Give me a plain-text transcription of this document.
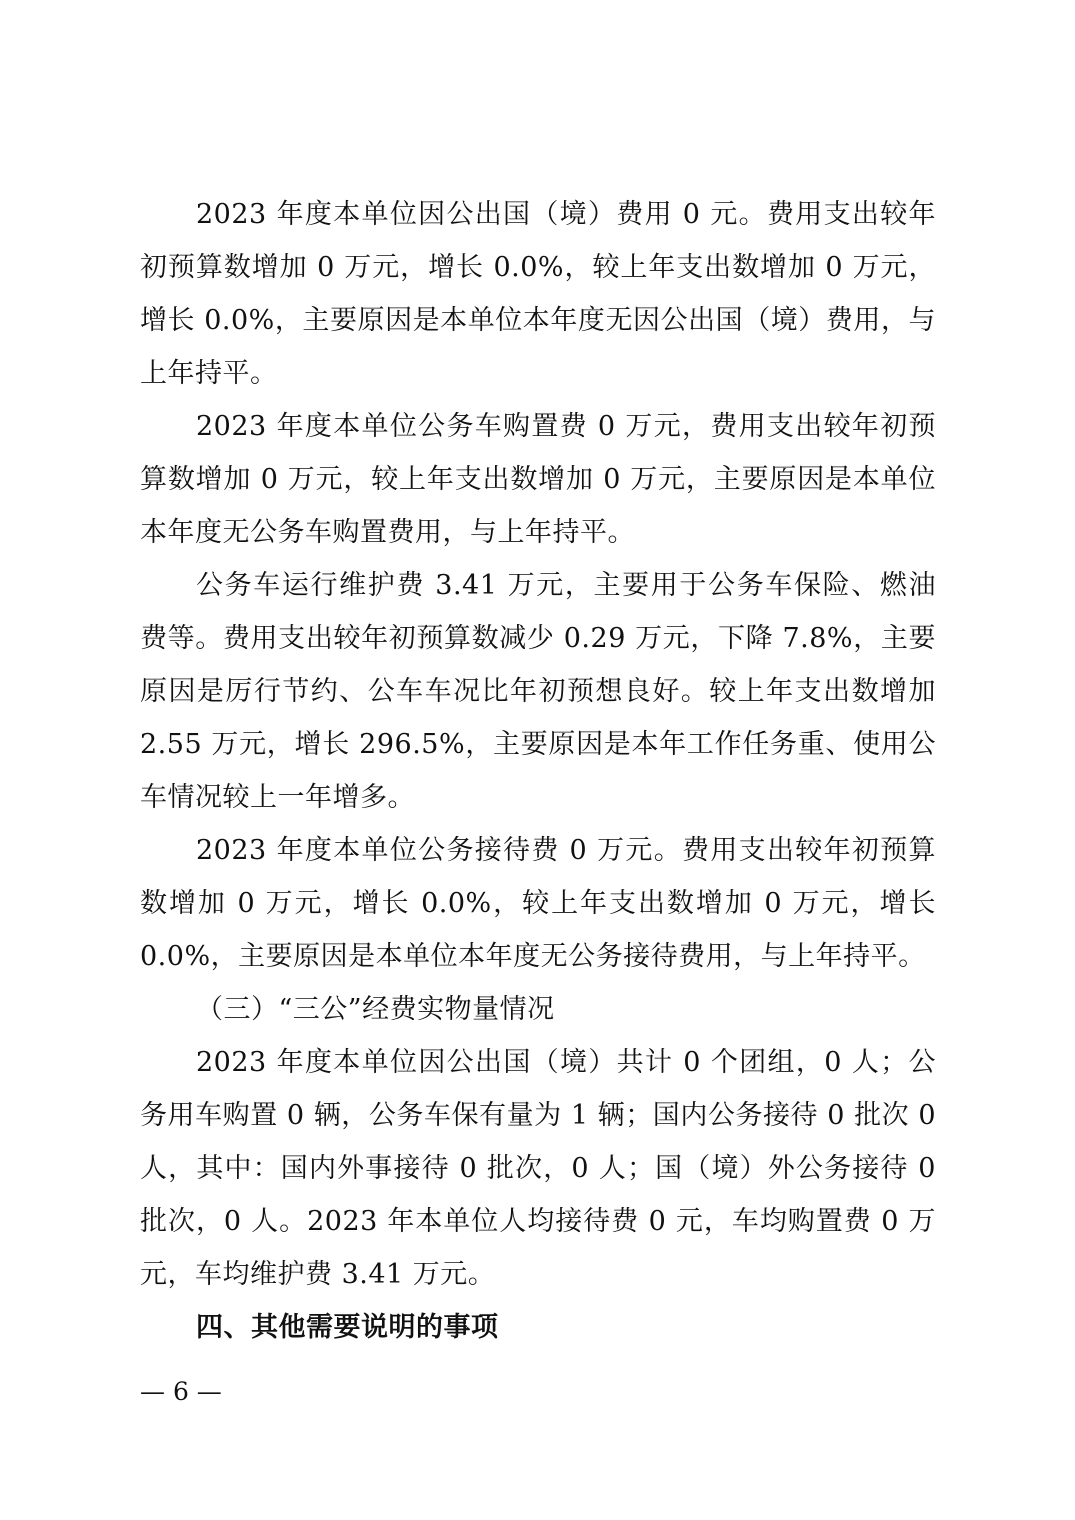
2023 年度本单位因公出国（境）费用 0 元。费用支出较年初预算数增加 0 万元，增长 0.0%，较上年支出数增加 0 万元，增长 0.0%，主要原因是本单位本年度无因公出国（境）费用，与上年持平。

2023 年度本单位公务车购置费 0 万元，费用支出较年初预算数增加 0 万元，较上年支出数增加 0 万元，主要原因是本单位本年度无公务车购置费用，与上年持平。

公务车运行维护费 3.41 万元，主要用于公务车保险、燃油费等。费用支出较年初预算数减少 0.29 万元，下降 7.8%，主要原因是厉行节约、公车车况比年初预想良好。较上年支出数增加 2.55 万元，增长 296.5%，主要原因是本年工作任务重、使用公车情况较上一年增多。

2023 年度本单位公务接待费 0 万元。费用支出较年初预算数增加 0 万元，增长 0.0%，较上年支出数增加 0 万元，增长 0.0%，主要原因是本单位本年度无公务接待费用，与上年持平。

（三）“三公”经费实物量情况

2023 年度本单位因公出国（境）共计 0 个团组，0 人；公务用车购置 0 辆，公务车保有量为 1 辆；国内公务接待 0 批次 0 人，其中：国内外事接待 0 批次，0 人；国（境）外公务接待 0 批次，0 人。2023 年本单位人均接待费 0 元，车均购置费 0 万元，车均维护费 3.41 万元。

四、其他需要说明的事项

— 6 —
